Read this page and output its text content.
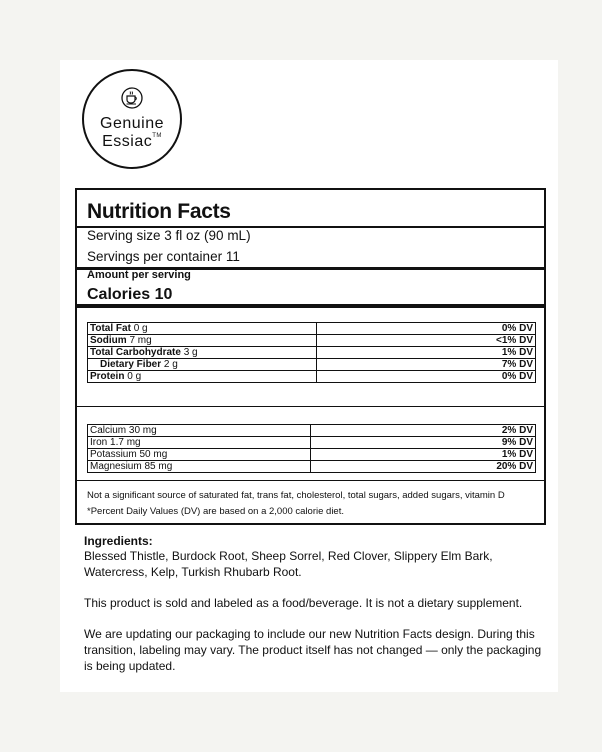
Genuine
Essiac™
Nutrition Facts
Serving size 3 fl oz (90 mL)
Servings per container 11
Amount per serving
Calories 10
Total Fat 0 g	0% DV
Sodium 7 mg	<1% DV
Total Carbohydrate 3 g	1% DV
Dietary Fiber 2 g	7% DV
Protein 0 g	0% DV
Calcium 30 mg	2% DV
Iron 1.7 mg	9% DV
Potassium 50 mg	1% DV
Magnesium 85 mg	20% DV
Not a significant source of saturated fat, trans fat, cholesterol, total sugars, added sugars, vitamin D
*Percent Daily Values (DV) are based on a 2,000 calorie diet.
Ingredients:
Blessed Thistle, Burdock Root, Sheep Sorrel, Red Clover, Slippery Elm Bark, Watercress, Kelp, Turkish Rhubarb Root.
This product is sold and labeled as a food/beverage. It is not a dietary supplement.
We are updating our packaging to include our new Nutrition Facts design. During this transition, labeling may vary. The product itself has not changed — only the packaging is being updated.
